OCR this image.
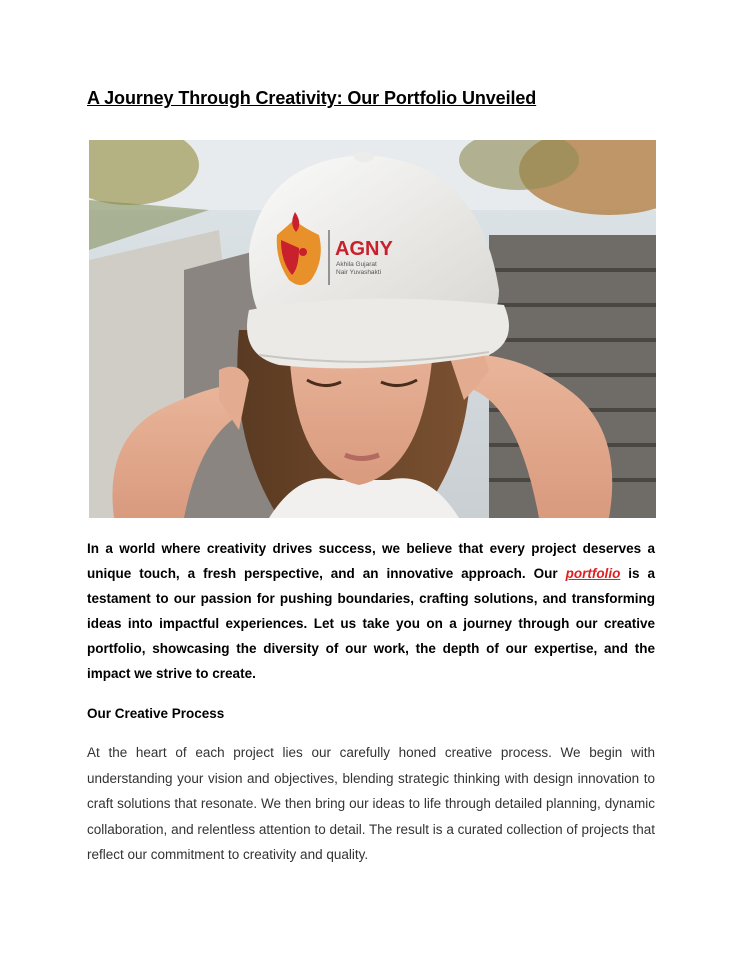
A Journey Through Creativity: Our Portfolio Unveiled
AGNY
Akhila Gujarat
Nair Yuvashakti

In a world where creativity drives success, we believe that every project deserves a unique touch, a fresh perspective, and an innovative approach. Our portfolio is a testament to our passion for pushing boundaries, crafting solutions, and transforming ideas into impactful experiences. Let us take you on a journey through our creative portfolio, showcasing the diversity of our work, the depth of our expertise, and the impact we strive to create.

Our Creative Process

At the heart of each project lies our carefully honed creative process. We begin with understanding your vision and objectives, blending strategic thinking with design innovation to craft solutions that resonate. We then bring our ideas to life through detailed planning, dynamic collaboration, and relentless attention to detail. The result is a curated collection of projects that reflect our commitment to creativity and quality.
